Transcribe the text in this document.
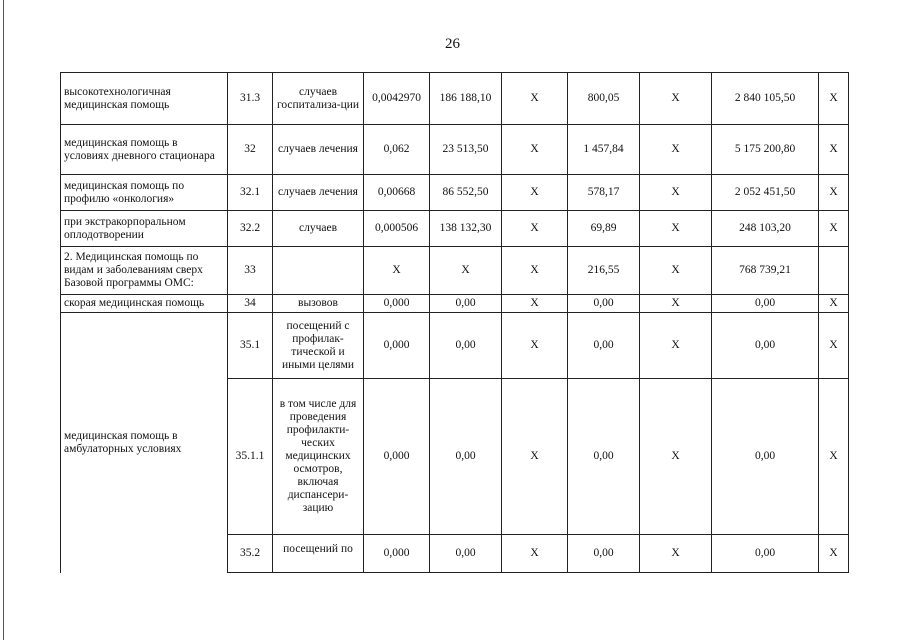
26
высокотехнологичная медицинская помощь	31.3	случаев госпитализа-ции	0,0042970	186 188,10	X	800,05	X	2 840 105,50	X
медицинская помощь в условиях дневного стационара	32	случаев лечения	0,062	23 513,50	X	1 457,84	X	5 175 200,80	X
медицинская помощь по профилю «онкология»	32.1	случаев лечения	0,00668	86 552,50	X	578,17	X	2 052 451,50	X
при экстракорпоральном оплодотворении	32.2	случаев	0,000506	138 132,30	X	69,89	X	248 103,20	X
2. Медицинская помощь по видам и заболеваниям сверх Базовой программы ОМС:	33		X	X	X	216,55	X	768 739,21	
скорая медицинская помощь	34	вызовов	0,000	0,00	X	0,00	X	0,00	X
медицинская помощь в амбулаторных условиях	35.1	посещений с профилак-тической и иными целями	0,000	0,00	X	0,00	X	0,00	X
	35.1.1	в том числе для проведения профилакти-ческих медицинских осмотров, включая диспансери-зацию	0,000	0,00	X	0,00	X	0,00	X
	35.2	посещений по	0,000	0,00	X	0,00	X	0,00	X
